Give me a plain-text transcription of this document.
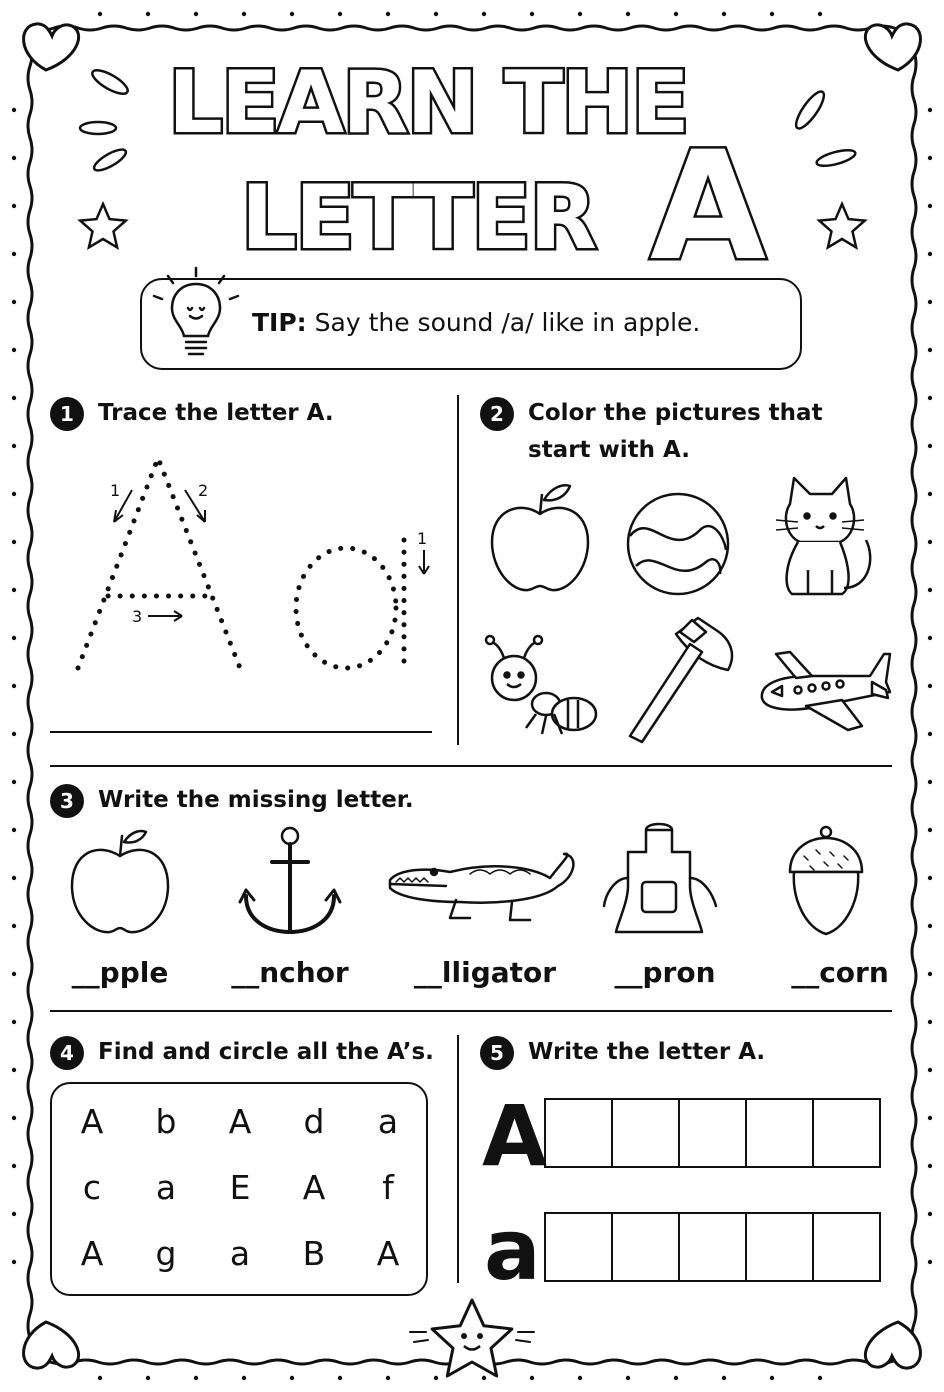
LEARN THE
LETTER A
TIP: Say the sound /a/ like in apple.
1	Trace the letter A.
1	2
3
1
2	Color the pictures that
start with A.
3	Write the missing letter.
__pple	__nchor	__lligator	__pron	__corn
4	Find and circle all the A’s.
A	b	A	d	a
c	a	E	A	f
A	g	a	B	A
5	Write the letter A.
A
a
